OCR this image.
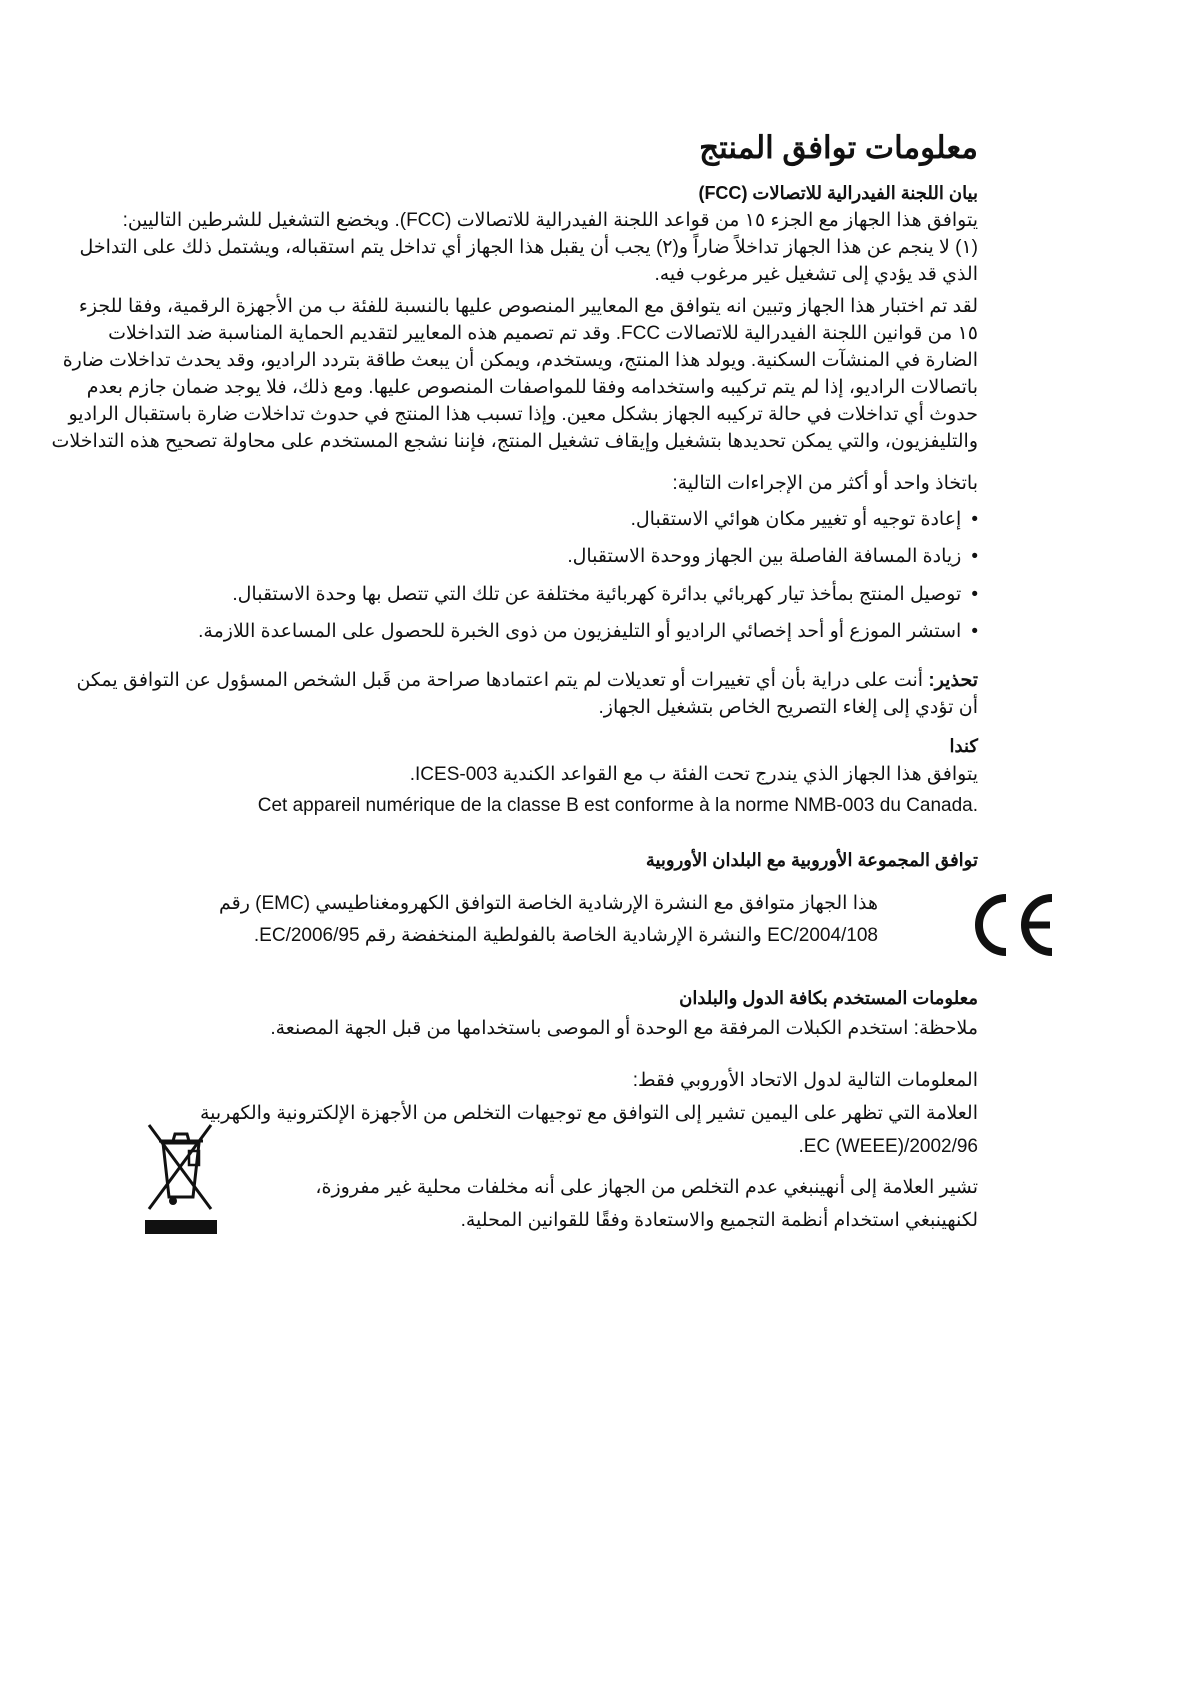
معلومات توافق المنتج
بيان اللجنة الفيدرالية للاتصالات (FCC)
يتوافق هذا الجهاز مع الجزء ١٥ من قواعد اللجنة الفيدرالية للاتصالات (FCC). ويخضع التشغيل للشرطين التاليين:
(١) لا ينجم عن هذا الجهاز تداخلاً ضاراً و(٢) يجب أن يقبل هذا الجهاز أي تداخل يتم استقباله، ويشتمل ذلك على التداخل
الذي قد يؤدي إلى تشغيل غير مرغوب فيه.
لقد تم اختبار هذا الجهاز وتبين انه يتوافق مع المعايير المنصوص عليها بالنسبة للفئة ب من الأجهزة الرقمية، وفقا للجزء
١٥ من قوانين اللجنة الفيدرالية للاتصالات FCC. وقد تم تصميم هذه المعايير لتقديم الحماية المناسبة ضد التداخلات
الضارة في المنشآت السكنية. ويولد هذا المنتج، ويستخدم، ويمكن أن يبعث طاقة بتردد الراديو، وقد يحدث تداخلات ضارة
باتصالات الراديو، إذا لم يتم تركيبه واستخدامه وفقا للمواصفات المنصوص عليها. ومع ذلك، فلا يوجد ضمان جازم بعدم
حدوث أي تداخلات في حالة تركيبه الجهاز بشكل معين. وإذا تسبب هذا المنتج في حدوث تداخلات ضارة باستقبال الراديو
والتليفزيون، والتي يمكن تحديدها بتشغيل وإيقاف تشغيل المنتج، فإننا نشجع المستخدم على محاولة تصحيح هذه التداخلات
باتخاذ واحد أو أكثر من الإجراءات التالية:
•إعادة توجيه أو تغيير مكان هوائي الاستقبال.
•زيادة المسافة الفاصلة بين الجهاز ووحدة الاستقبال.
•توصيل المنتج بمأخذ تيار كهربائي بدائرة كهربائية مختلفة عن تلك التي تتصل بها وحدة الاستقبال.
•استشر الموزع أو أحد إخصائي الراديو أو التليفزيون من ذوى الخبرة للحصول على المساعدة اللازمة.
تحذير: أنت على دراية بأن أي تغييرات أو تعديلات لم يتم اعتمادها صراحة من قَبل الشخص المسؤول عن التوافق يمكن
أن تؤدي إلى إلغاء التصريح الخاص بتشغيل الجهاز.
كندا
يتوافق هذا الجهاز الذي يندرج تحت الفئة ب مع القواعد الكندية ICES-003.
Cet appareil numérique de la classe B est conforme à la norme NMB-003 du Canada.
توافق المجموعة الأوروبية مع البلدان الأوروبية
هذا الجهاز متوافق مع النشرة الإرشادية الخاصة التوافق الكهرومغناطيسي (EMC) رقم
2004/108/EC والنشرة الإرشادية الخاصة بالفولطية المنخفضة رقم 2006/95/EC.
معلومات المستخدم بكافة الدول والبلدان
ملاحظة: استخدم الكبلات المرفقة مع الوحدة أو الموصى باستخدامها من قبل الجهة المصنعة.
المعلومات التالية لدول الاتحاد الأوروبي فقط:
العلامة التي تظهر على اليمين تشير إلى التوافق مع توجيهات التخلص من الأجهزة الإلكترونية والكهربية
2002/96/EC (WEEE).
تشير العلامة إلى أنهينبغي عدم التخلص من الجهاز على أنه مخلفات محلية غير مفروزة،
لكنهينبغي استخدام أنظمة التجميع والاستعادة وفقًا للقوانين المحلية.
